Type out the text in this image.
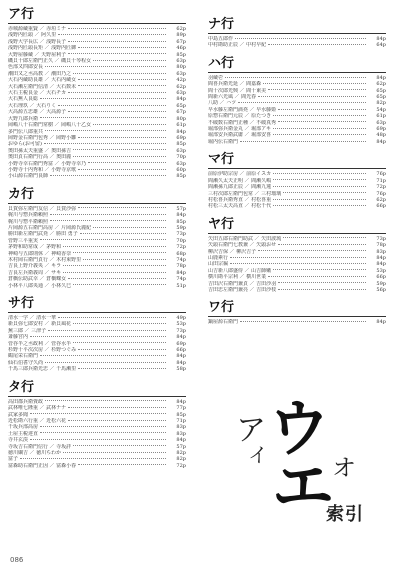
ア行
赤城源蔵重賢 ／ 赤垣ミナ	62p
浅野内匠頭 ／ 阿久里	89p
浅野大学長広 ／ 浅野長子	67p
浅野内匠頭長矩 ／ 浅野内匠御	46p
大野屋藤蔵 ／ 天野屋利子	85p
磯貝十郎左衛門正久 ／ 磯貝十琴程女	63p
色部又四郎安長	80p
潮田又之丞高教 ／ 潮田乃之	63p
大石内蔵助良雄 ／ 大石内蔵女	42p
大石瀬左衛門信清 ／ 大石数未	62p
大石主税良金 ／ 大石チカ	63p
大石無人良総	84p
大石理玖 ／ 大石りく	65p
大高源五忠雄 ／ 大高源子	67p
大野九郎兵衛	80p
岡嶋八十右衛門常樹 ／ 岡嶋八十乙女	61p
多門伝八郎重共	84p
岡野金右衛門包秀 ／ 岡野小雛	69p
おゆら(お可留)	85p
奥田孫太夫重盛 ／ 奥田孫吉	63p
奥田貞右衛門行高 ／ 奥田麗	70p
小野寺幸右衛門秀富 ／ 小野寺幸乃	63p
小野寺十内秀和 ／ 小野寺京歌	60p
小山源右衛門良師	85p
カ行
貝賀弥左衛門友信 ／ 貝賀沙弥	57p
梶川与惣兵衛頼照	84p
梶川与惣平衛頼照	85p
片岡源五右衛門高房 ／ 片岡源氏麗紀	59p
勝田新左衛門武尭 ／ 勝田 勇子	73p
菅野三平重実	70p
茅野和助常成 ／ 茅野和	72p
神崎与五郎則休 ／ 神崎香奈	68p
木村岡右衛門貞行 ／ 木村束野里	74p
吉良上野介義央 ／ キラ	78p
吉良左兵衛義周 ／ サキ	84p
倉橋伝助武幸 ／ 倉橋蝶女	74p
小林平八郎央通 ／ 小林久巳	51p
サ行
清水一学 ／ 清水一華	49p
新貝弥七郎安村 ／ 新貝風花	53p
蕪三郎 ／ 三津子	73p
斎藤宮内	84p
菅谷半之丞政利 ／ 菅谷水半	69p
杉野十平次次房 ／ 杉野つぐみ	66p
鶴尾栄右衛門	84p
仙石伯耆守久尚	84p
千馬三郎兵衛光忠 ／ 千馬瀬里	58p
タ行
高田郡兵衛資政	84p
武林唯七隆重 ／ 武林ナナ	77p
武家多聞	85p
近松勘六行重 ／ 近松六花	71p
千坂兵部高房	83p
土屋主税達直	83p
寺井玄渓	84p
寺坂吉右衛門信行 ／ 寺坂詳	57p
徳川綱吉 ／ 徳川ちわか	82p
富子	82p
富森助右衛門正因 ／ 富森小春	72p
ナ行
中島五郎作	84p
中村勘助正辰 ／ 中村早紀	64p
ハ行
羽蔵壱	84p
間喜兵衛光延 ／ 間嘉森	62p
間十次郎光興 ／ 間十東美	65p
間新六光風 ／ 間光春	65p
八助 ／ ハツ	82p
早水藤左衛門満堯 ／ 早水藤姫	54p
原惣右衛門元辰 ／ 原たつき	61p
不破数右衛門正種 ／ 不破真秀	63p
堀部弥兵衛金丸 ／ 堀部アキ	69p
堀部安兵衛武庸 ／ 堀部安喜	48p
堀内伝右衛門	84p
マ行
前原伊助宗房 ／ 前原イスカ	76p
間瀬久太夫正明 ／ 間瀬久嶋	71p
間瀬孫九郎正辰 ／ 間瀬九蓮	72p
三村次郎左衛門包常 ／ 三村瑠璃	76p
村松喜兵衛秀直 ／ 村松喜重	62p
村松三太夫高直 ／ 村松千代	66p
ヤ行
矢田五郎右衛門助武 ／ 矢田波琉	73p
矢頭右衛門七教兼 ／ 矢頭おせ	78p
柳沢吉保 ／ 柳沢吉子	83p
山鹿素行	84p
山田宗徧	84p
山吉新八郎盛侍 ／ 山吉師嫩	53p
横川勘平宗利 ／ 横川世業	66p
吉田沢右衛門兼貞 ／ 吉田沙羽	59p
吉田忠左衛門兼亮 ／ 吉田沙枝	56p
ワ行
鍋屋源右衛門	84p
ア
イ ウ
エ
オ
索引
086
